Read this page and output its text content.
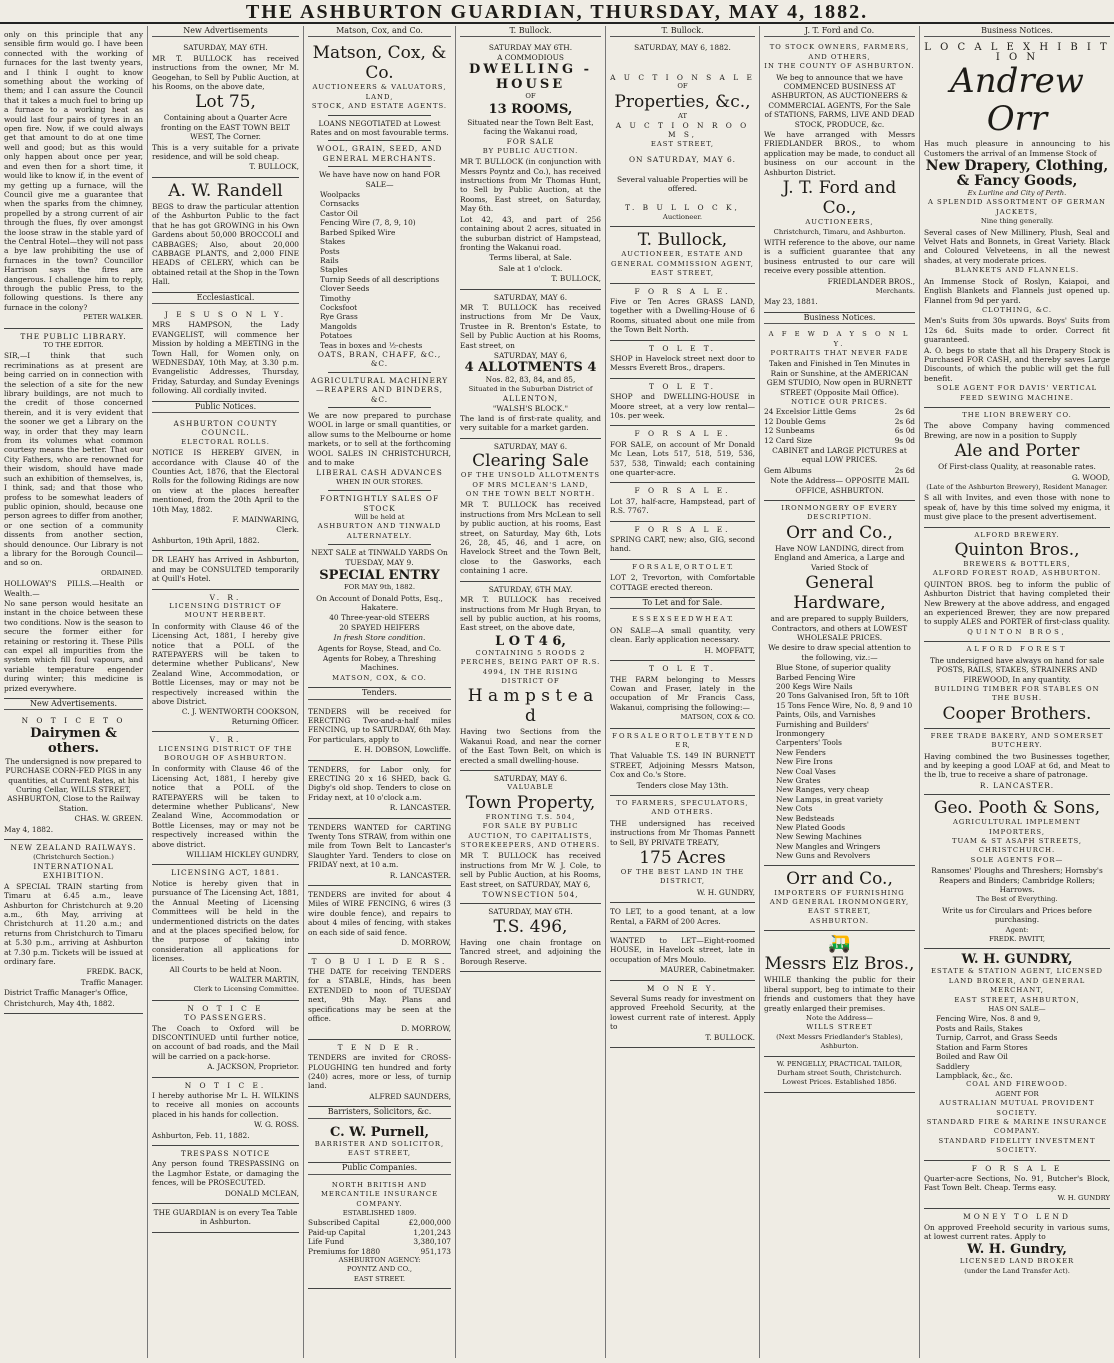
THE ASHBURTON GUARDIAN, THURSDAY, MAY 4, 1882.

only on this principle that any sensible firm would go. I have been connected with the working of furnaces for the last twenty years, and I think I ought to know something about the working of them; and I can assure the Council that it takes a much fuel to bring up a furnace to a working heat as would last four pairs of tyres in an open fire. Now, if we could always get that amount to do at one time well and good; but as this would only happen about once per year, and even then for a short time, it would like to know if, in the event of my getting up a furnace, will the Council give me a guarantee that when the sparks from the chimney, propelled by a strong current of air through the flues, fly over amongst the loose straw in the stable yard of the Central Hotel—they will not pass a bye law prohibiting the use of furnaces in the town? Councillor Harrison says the fires are dangerous. I challenge him to reply, through the public Press, to the following questions. Is there any furnace in the colony?

PETER WALKER.

THE PUBLIC LIBRARY.
TO THE EDITOR.

SIR,—I think that such recriminations as at present are being carried on in connection with the selection of a site for the new library buildings, are not much to the credit of those concerned therein, and it is very evident that the sooner we get a Library on the way, in order that they may learn from its volumes what common courtesy means the better. That our City Fathers, who are renowned for their wisdom, should have made such an exhibition of themselves, is, I think, sad; and that those who profess to be somewhat leaders of public opinion, should, because one person agrees to differ from another, or one section of a community dissents from another section, should denounce. Our Library is not a library for the Borough Council—and so on.

ORDAINED.

HOLLOWAY'S PILLS.—Health or Wealth.—

No sane person would hesitate an instant in the choice between these two conditions. Now is the season to secure the former either for retaining or restoring it. These Pills can expel all impurities from the system which fill foul vapours, and variable temperature engender during winter; this medicine is prized everywhere.

New Advertisements.
N O T I C E T O
Dairymen & others.

The undersigned is now prepared to PURCHASE CORN-FED PIGS in any quantities, at Current Rates, at his Curing Cellar, WILLS STREET, ASHBURTON, Close to the Railway Station.

CHAS. W. GREEN.

May 4, 1882.

NEW ZEALAND RAILWAYS.
(Christchurch Section.)
INTERNATIONAL EXHIBITION.

A SPECIAL TRAIN starting from Timaru at 6.45 a.m., leave Ashburton for Christchurch at 9.20 a.m., 6th May, arriving at Christchurch at 11.20 a.m.; and returns from Christchurch to Timaru at 5.30 p.m., arriving at Ashburton at 7.30 p.m. Tickets will be issued at ordinary fare.

FREDK. BACK,

Traffic Manager.

District Traffic Manager's Office,

Christchurch, May 4th, 1882.

New Advertisements
SATURDAY, MAY 6TH.

MR T. BULLOCK has received instructions from the owner, Mr M. Geogehan, to Sell by Public Auction, at his Rooms, on the above date,

Lot 75,

Containing about a Quarter Acre fronting on the EAST TOWN BELT WEST, The Corner.

This is a very suitable for a private residence, and will be sold cheap.

T. BULLOCK,

A. W. Randell

BEGS to draw the particular attention of the Ashburton Public to the fact that he has got GROWING in his Own Gardens about 50,000 BROCCOLI and CABBAGES; Also, about 20,000 CABBAGE PLANTS, and 2,000 FINE HEADS of CELERY, which can be obtained retail at the Shop in the Town Hall.

Ecclesiastical.
J E S U S O N L Y.

MRS HAMPSON, the Lady EVANGELIST, will commence her Mission by holding a MEETING in the Town Hall, for Women only, on WEDNESDAY, 10th May, at 3.30 p.m. Evangelistic Addresses, Thursday, Friday, Saturday, and Sunday Evenings following. All cordially invited.

Public Notices.
ASHBURTON COUNTY COUNCIL.
ELECTORAL ROLLS.

NOTICE IS HEREBY GIVEN, in accordance with Clause 40 of the Counties Act, 1876, that the Electoral Rolls for the following Ridings are now on view at the places hereafter mentioned, from the 20th April to the 10th May, 1882.

F. MAINWARING,

Clerk.

Ashburton, 19th April, 1882.

DR LEAHY has Arrived in Ashburton, and may be CONSULTED temporarily at Quill's Hotel.

V. R.
LICENSING DISTRICT OF MOUNT HERBERT.

In conformity with Clause 46 of the Licensing Act, 1881, I hereby give notice that a POLL of the RATEPAYERS will be taken to determine whether Publicans', New Zealand Wine, Accommodation, or Bottle Licenses, may or may not be respectively increased within the above District.

C. J. WENTWORTH COOKSON, Returning Officer.

V. R.
LICENSING DISTRICT OF THE BOROUGH OF ASHBURTON.

In conformity with Clause 46 of the Licensing Act, 1881, I hereby give notice that a POLL of the RATEPAYERS will be taken to determine whether Publicans', New Zealand Wine, Accommodation or Bottle Licenses, may or may not be respectively increased within the above district.

WILLIAM HICKLEY GUNDRY,

LICENSING ACT, 1881.

Notice is hereby given that in pursuance of The Licensing Act, 1881, the Annual Meeting of Licensing Committees will be held in the undermentioned districts on the dates and at the places specified below, for the purpose of taking into consideration all applications for licenses.

All Courts to be held at Noon.

WALTER MARTIN,

Clerk to Licensing Committee.

N O T I C E
TO PASSENGERS.

The Coach to Oxford will be DISCONTINUED until further notice, on account of bad roads, and the Mail will be carried on a pack-horse.

A. JACKSON, Proprietor.

N O T I C E.

I hereby authorise Mr L. H. WILKINS to receive all monies on accounts placed in his hands for collection.

W. G. ROSS.

Ashburton, Feb. 11, 1882.

TRESPASS NOTICE

Any person found TRESPASSING on the Lagmhor Estate, or damaging the fences, will be PROSECUTED.

DONALD MCLEAN,

THE GUARDIAN is on every Tea Table in Ashburton.

Matson, Cox, and Co.
Matson, Cox, & Co.
AUCTIONEERS & VALUATORS, LAND,
STOCK, AND ESTATE AGENTS.

LOANS NEGOTIATED at Lowest Rates and on most favourable terms.

WOOL, GRAIN, SEED, AND GENERAL MERCHANTS.

We have have now on hand FOR SALE—

Woolpacks
Cornsacks
Castor Oil
Fencing Wire (7, 8, 9, 10)
Barbed Spiked Wire
Stakes
Posts
Rails
Staples
Turnip Seeds of all descriptions
Clover Seeds
Timothy
Cocksfoot
Rye Grass
Mangolds
Potatoes
Teas in boxes and ½-chests
OATS, BRAN, CHAFF, &C., &C.
AGRICULTURAL MACHINERY—REAPERS AND BINDERS, &C.

We are now prepared to purchase WOOL in large or small quantities, or allow sums to the Melbourne or home markets, or to sell at the forthcoming WOOL SALES IN CHRISTCHURCH, and to make

LIBERAL CASH ADVANCES
WHEN IN OUR STORES.
FORTNIGHTLY SALES OF STOCK
Will be held at
ASHBURTON AND TINWALD ALTERNATELY.

NEXT SALE at TINWALD YARDS On TUESDAY, MAY 9.

SPECIAL ENTRY
FOR MAY 9th, 1882.

On Account of Donald Potts, Esq., Hakatere.

40 Three-year-old STEERS
20 SPAYED HEIFERS

In fresh Store condition.

Agents for Royse, Stead, and Co.

Agents for Robey, a Threshing Machines.

MATSON, COX, & CO.
Tenders.

TENDERS will be received for ERECTING Two-and-a-half miles FENCING, up to SATURDAY, 6th May. For particulars, apply to

E. H. DOBSON, Lowcliffe.

TENDERS, for Labor only, for ERECTING 20 x 16 SHED, back G. Digby's old shop. Tenders to close on Friday next, at 10 o'clock a.m.

R. LANCASTER.

TENDERS WANTED for CARTING Twenty Tons STRAW, from within one mile from Town Belt to Lancaster's Slaughter Yard. Tenders to close on FRIDAY next, at 10 a.m.

R. LANCASTER.

TENDERS are invited for about 4 Miles of WIRE FENCING, 6 wires (3 wire double fence), and repairs to about 4 miles of fencing, with stakes on each side of said fence.

D. MORROW,

T O B U I L D E R S.

THE DATE for receiving TENDERS for a STABLE, Hinds, has been EXTENDED to noon of TUESDAY next, 9th May. Plans and specifications may be seen at the office.

D. MORROW,

T E N D E R.

TENDERS are invited for CROSS-PLOUGHING ten hundred and forty (240) acres, more or less, of turnip land.

ALFRED SAUNDERS,

Barristers, Solicitors, &c.
C. W. Purnell,
BARRISTER AND SOLICITOR,
EAST STREET,
Public Companies.
NORTH BRITISH AND MERCANTILE INSURANCE COMPANY.
ESTABLISHED 1809.
Subscribed Capital	£2,000,000
Paid-up Capital	1,201,243
Life Fund	3,380,107
Premiums for 1880	951,173
ASHBURTON AGENCY:
POYNTZ AND CO.,
EAST STREET.
T. Bullock.
SATURDAY MAY 6TH.
A COMMODIOUS
DWELLING - HOUSE
OF
13 ROOMS,

Situated near the Town Belt East, facing the Wakanui road,

FOR SALE
BY PUBLIC AUCTION.

MR T. BULLOCK (in conjunction with Messrs Poyntz and Co.), has received instructions from Mr Thomas Hunt, to Sell by Public Auction, at the Rooms, East street, on Saturday, May 6th.

Lot 42, 43, and part of 256 containing about 2 acres, situated in the suburban district of Hampstead, fronting the Wakanui road.

Terms liberal, at Sale.

Sale at 1 o'clock.

T. BULLOCK,

SATURDAY, MAY 6.

MR T. BULLOCK has received instructions from Mr De Vaux, Trustee in R. Brenton's Estate, to Sell by Public Auction at his Rooms, East street, on

SATURDAY, MAY 6,
4 ALLOTMENTS 4
Nos. 82, 83, 84, and 85,
Situated in the Suburban District of
ALLENTON,
"WALSH'S BLOCK."

The land is of first-rate quality, and very suitable for a market garden.

SATURDAY, MAY 6.
Clearing Sale
OF THE UNSOLD ALLOTMENTS OF MRS MCLEAN'S LAND,
ON THE TOWN BELT NORTH.

MR T. BULLOCK has received instructions from Mrs McLean to sell by public auction, at his rooms, East street, on Saturday, May 6th, Lots 26, 28, 45, 46, and 1 acre, on Havelock Street and the Town Belt, close to the Gasworks, each containing 1 acre.

SATURDAY, 6TH MAY.

MR T. BULLOCK has received instructions from Mr Hugh Bryan, to sell by public auction, at his rooms, East street, on the above date,

L O T 4 6,
CONTAINING 5 ROODS 2 PERCHES, BEING PART OF R.S. 4994, IN THE RISING DISTRICT OF
H a m p s t e a d

Having two Sections from the Wakanui Road, and near the corner of the East Town Belt, on which is erected a small dwelling-house.

SATURDAY, MAY 6.
VALUABLE
Town Property,
FRONTING T.S. 504,
FOR SALE BY PUBLIC AUCTION, TO CAPITALISTS, STOREKEEPERS, AND OTHERS.

MR T. BULLOCK has received instructions from Mr W. J. Cole, to sell by Public Auction, at his Rooms, East street, on SATURDAY, MAY 6,

TOWNSECTION 504,
SATURDAY, MAY 6TH.
T.S. 496,

Having one chain frontage on Tancred street, and adjoining the Borough Reserve.

T. Bullock.
SATURDAY, MAY 6, 1882.
A U C T I O N S A L E
OF
Properties, &c.,
AT
A U C T I O N R O O M S,
EAST STREET,
ON SATURDAY, MAY 6.

Several valuable Properties will be offered.

T. B U L L O C K,
Auctioneer.
T. Bullock,
AUCTIONEER, ESTATE AND GENERAL COMMISSION AGENT,
EAST STREET,
F O R S A L E.

Five or Ten Acres GRASS LAND, together with a Dwelling-House of 6 Rooms, situated about one mile from the Town Belt North.

T O L E T.

SHOP in Havelock street next door to Messrs Everett Bros., drapers.

T O L E T.

SHOP and DWELLING-HOUSE in Moore street, at a very low rental—10s. per week.

F O R S A L E.

FOR SALE, on account of Mr Donald Mc Lean, Lots 517, 518, 519, 536, 537, 538, Tinwald; each containing one quarter-acre.

F O R S A L E.

Lot 37, half-acre, Hampstead, part of R.S. 7767.

F O R S A L E.

SPRING CART, new; also, GIG, second hand.

F O R S A L E, O R T O L E T.

LOT 2, Trevorton, with Comfortable COTTAGE erected thereon.

To Let and for Sale.
E S S E X S E E D W H E A T.

ON SALE—A small quantity, very clean. Early application necessary.

H. MOFFATT,

T O L E T.

THE FARM belonging to Messrs Cowan and Fraser, lately in the occupation of Mr Francis Cass, Wakanui, comprising the following:—

MATSON, COX & CO.

F O R S A L E O R T O L E T B Y T E N D E R,

That Valuable T.S. 149 IN BURNETT STREET, Adjoining Messrs Matson, Cox and Co.'s Store.

Tenders close May 13th.

TO FARMERS, SPECULATORS, AND OTHERS.

THE undersigned has received instructions from Mr Thomas Pannett to Sell, BY PRIVATE TREATY,

175 Acres
OF THE BEST LAND IN THE DISTRICT,

W. H. GUNDRY,

TO LET, to a good tenant, at a low Rental, a FARM of 200 Acres.

WANTED to LET—Eight-roomed HOUSE, in Havelock street, late in occupation of Mrs Moulo.

MAURER, Cabinetmaker.

M O N E Y.

Several Sums ready for investment on approved Freehold Security, at the lowest current rate of interest. Apply to

T. BULLOCK.

J. T. Ford and Co.
TO STOCK OWNERS, FARMERS, AND OTHERS,
IN THE COUNTY OF ASHBURTON.

We beg to announce that we have COMMENCED BUSINESS AT ASHBURTON, AS AUCTIONEERS & COMMERCIAL AGENTS, For the Sale of STATIONS, FARMS, LIVE AND DEAD STOCK, PRODUCE, &c.

We have arranged with Messrs FRIEDLANDER BROS., to whom application may be made, to conduct all business on our account in the Ashburton District.

J. T. Ford and Co.,
AUCTIONEERS,
Christchurch, Timaru, and Ashburton.

WITH reference to the above, our name is a sufficient guarantee that any business entrusted to our care will receive every possible attention.

FRIEDLANDER BROS.,

Merchants.

May 23, 1881.

Business Notices.
A F E W D A Y S O N L Y.
PORTRAITS THAT NEVER FADE

Taken and Finished in Ten Minutes in Rain or Sunshine, at the AMERICAN GEM STUDIO, Now open in BURNETT STREET (Opposite Mail Office).

NOTICE OUR PRICES.
24 Excelsior Little Gems	2s 6d
12 Double Gems	2s 6d
12 Sunbeams	6s 0d
12 Card Size	9s 0d

CABINET and LARGE PICTURES at equal LOW PRICES.

Gem Albums	2s 6d

Note the Address— OPPOSITE MAIL OFFICE, ASHBURTON.

IRONMONGERY OF EVERY DESCRIPTION.
Orr and Co.,

Have NOW LANDING, direct from England and America, a Large and Varied Stock of

General Hardware,

and are prepared to supply Builders, Contractors, and others at LOWEST WHOLESALE PRICES.

We desire to draw special attention to the following, viz.:—

Blue Stone, of superior quality
Barbed Fencing Wire
200 Kegs Wire Nails
20 Tons Galvanised Iron, 5ft to 10ft
15 Tons Fence Wire, No. 8, 9 and 10
Paints, Oils, and Varnishes
Furnishing and Builders' Ironmongery
Carpenters' Tools
New Fenders
New Fire Irons
New Coal Vases
New Grates
New Ranges, very cheap
New Lamps, in great variety
New Cots
New Bedsteads
New Plated Goods
New Sewing Machines
New Mangles and Wringers
New Guns and Revolvers
Orr and Co.,
IMPORTERS OF FURNISHING AND GENERAL IRONMONGERY,
EAST STREET,
ASHBURTON.
🛺
Messrs Elz Bros.,

WHILE thanking the public for their liberal support, beg to intimate to their friends and customers that they have greatly enlarged their premises.

Note the Address—
WILLS STREET
(Next Messrs Friedlander's Stables), Ashburton.
W. PENGELLY, PRACTICAL TAILOR,
Durham street South, Christchurch.
Lowest Prices. Established 1856.
Business Notices.
L O C A L E X H I B I T I O N
Andrew Orr

Has much pleasure in announcing to his Customers the arrival of an Immense Stock of

New Drapery, Clothing, & Fancy Goods,
Ex Lurline and City of Perth.
A SPLENDID ASSORTMENT OF GERMAN JACKETS,
Nine thing generally.

Several cases of New Millinery, Plush, Seal and Velvet Hats and Bonnets, in Great Variety. Black and Coloured Velveteens, in all the newest shades, at very moderate prices.

BLANKETS AND FLANNELS.

An Immense Stock of Roslyn, Kaiapoi, and English Blankets and Flannels just opened up. Flannel from 9d per yard.

CLOTHING, &C.

Men's Suits from 30s upwards. Boys' Suits from 12s 6d. Suits made to order. Correct fit guaranteed.

A. O. begs to state that all his Drapery Stock is Purchased FOR CASH, and thereby saves Large Discounts, of which the public will get the full benefit.

SOLE AGENT FOR DAVIS' VERTICAL FEED SEWING MACHINE.
THE LION BREWERY CO.

The above Company having commenced Brewing, are now in a position to Supply

Ale and Porter

Of First-class Quality, at reasonable rates.

G. WOOD,

(Late of the Ashburton Brewery), Resident Manager.

S all with Invites, and even those with none to speak of, have by this time solved my enigma, it must give place to the present advertisement.

ALFORD BREWERY.
Quinton Bros.,
BREWERS & BOTTLERS,
ALFORD FOREST ROAD, ASHBURTON.

QUINTON BROS. beg to inform the public of Ashburton District that having completed their New Brewery at the above address, and engaged an experienced Brewer, they are now prepared to supply ALES and PORTER of first-class quality.

QUINTON BROS,
ALFORD FOREST

The undersigned have always on hand for sale POSTS, RAILS, STAKES, STRAINERS AND FIREWOOD, In any quantity.

BUILDING TIMBER FOR STABLES ON THE BUSH.
Cooper Brothers.
FREE TRADE BAKERY, AND SOMERSET BUTCHERY.

Having combined the two Businesses together, and by keeping a good LOAF at 6d, and Meat to the lb, true to receive a share of patronage.

R. LANCASTER.
Geo. Pooth & Sons,
AGRICULTURAL IMPLEMENT IMPORTERS,
TUAM & ST ASAPH STREETS, CHRISTCHURCH.
SOLE AGENTS FOR—

Ransomes' Ploughs and Threshers; Hornsby's Reapers and Binders; Cambridge Rollers; Harrows.

The Best of Everything.

Write us for Circulars and Prices before purchasing.

Agent:
FREDK. PAVITT,
W. H. GUNDRY,
ESTATE & STATION AGENT, LICENSED LAND BROKER, AND GENERAL MERCHANT,
EAST STREET, ASHBURTON,
HAS ON SALE—
Fencing Wire, Nos. 8 and 9,
Posts and Rails, Stakes
Turnip, Carrot, and Grass Seeds
Station and Farm Stores
Boiled and Raw Oil
Saddlery
Lampblack, &c., &c.
COAL AND FIREWOOD.
AGENT FOR
AUSTRALIAN MUTUAL PROVIDENT SOCIETY.
STANDARD FIRE & MARINE INSURANCE COMPANY.
STANDARD FIDELITY INVESTMENT SOCIETY.
F O R S A L E

Quarter-acre Sections, No. 91, Butcher's Block, Fast Town Belt. Cheap. Terms easy.

W. H. GUNDRY

MONEY TO LEND

On approved Freehold security in various sums, at lowest current rates. Apply to

W. H. Gundry,
LICENSED LAND BROKER
(under the Land Transfer Act).
